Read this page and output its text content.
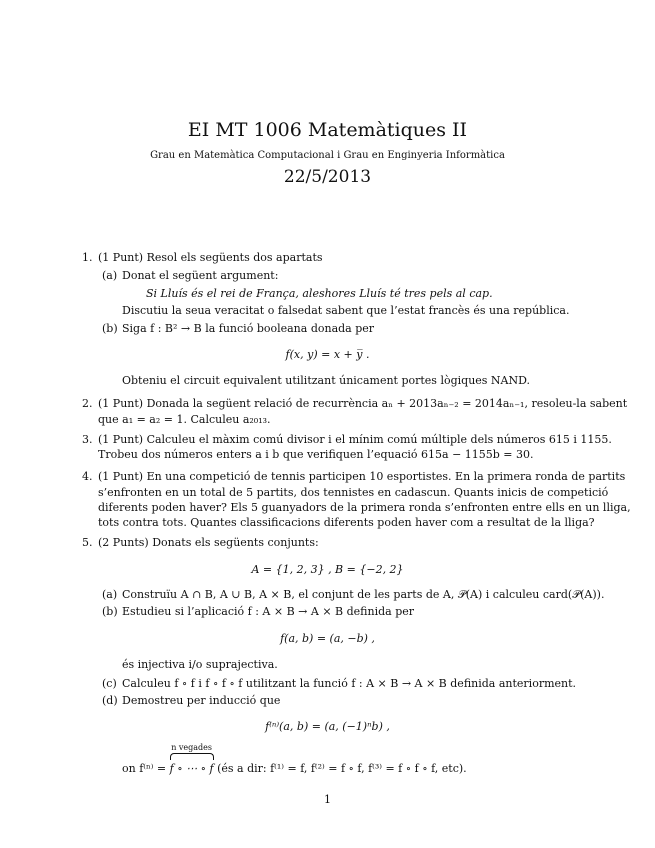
EI MT 1006 Matemàtiques II
Grau en Matemàtica Computacional i Grau en Enginyeria Informàtica
22/5/2013
1. (1 Punt) Resol els següents dos apartats
(a) Donat el següent argument:
Si Lluís és el rei de França, aleshores Lluís té tres pels al cap.
Discutiu la seua veracitat o falsedat sabent que l’estat francès és una república.
(b) Siga f : B² → B la funció booleana donada per
f(x, y) = x + y̅ .
Obteniu el circuit equivalent utilitzant únicament portes lògiques NAND.
2. (1 Punt) Donada la següent relació de recurrència aₙ + 2013aₙ₋₂ = 2014aₙ₋₁, resoleu-la sabent
que a₁ = a₂ = 1. Calculeu a₂₀₁₃.
3. (1 Punt) Calculeu el màxim comú divisor i el mínim comú múltiple dels números 615 i 1155.
Trobeu dos números enters a i b que verifiquen l’equació 615a − 1155b = 30.
4. (1 Punt) En una competició de tennis participen 10 esportistes. En la primera ronda de partits
s’enfronten en un total de 5 partits, dos tennistes en cadascun. Quants inicis de competició
diferents poden haver? Els 5 guanyadors de la primera ronda s’enfronten entre ells en un lliga,
tots contra tots. Quantes classificacions diferents poden haver com a resultat de la lliga?
5. (2 Punts) Donats els següents conjunts:
A = {1, 2, 3} , B = {−2, 2}
(a) Construïu A ∩ B, A ∪ B, A × B, el conjunt de les parts de A, 𝒫(A) i calculeu card(𝒫(A)).
(b) Estudieu si l’aplicació f : A × B → A × B definida per
f(a, b) = (a, −b) ,
és injectiva i/o suprajectiva.
(c) Calculeu f ∘ f i f ∘ f ∘ f utilitzant la funció f : A × B → A × B definida anteriorment.
(d) Demostreu per inducció que
f⁽ⁿ⁾(a, b) = (a, (−1)ⁿb) ,
on f⁽ⁿ⁾ =
n vegades
f ∘ ⋯ ∘ f (és a dir: f⁽¹⁾ = f, f⁽²⁾ = f ∘ f, f⁽³⁾ = f ∘ f ∘ f, etc).
1
